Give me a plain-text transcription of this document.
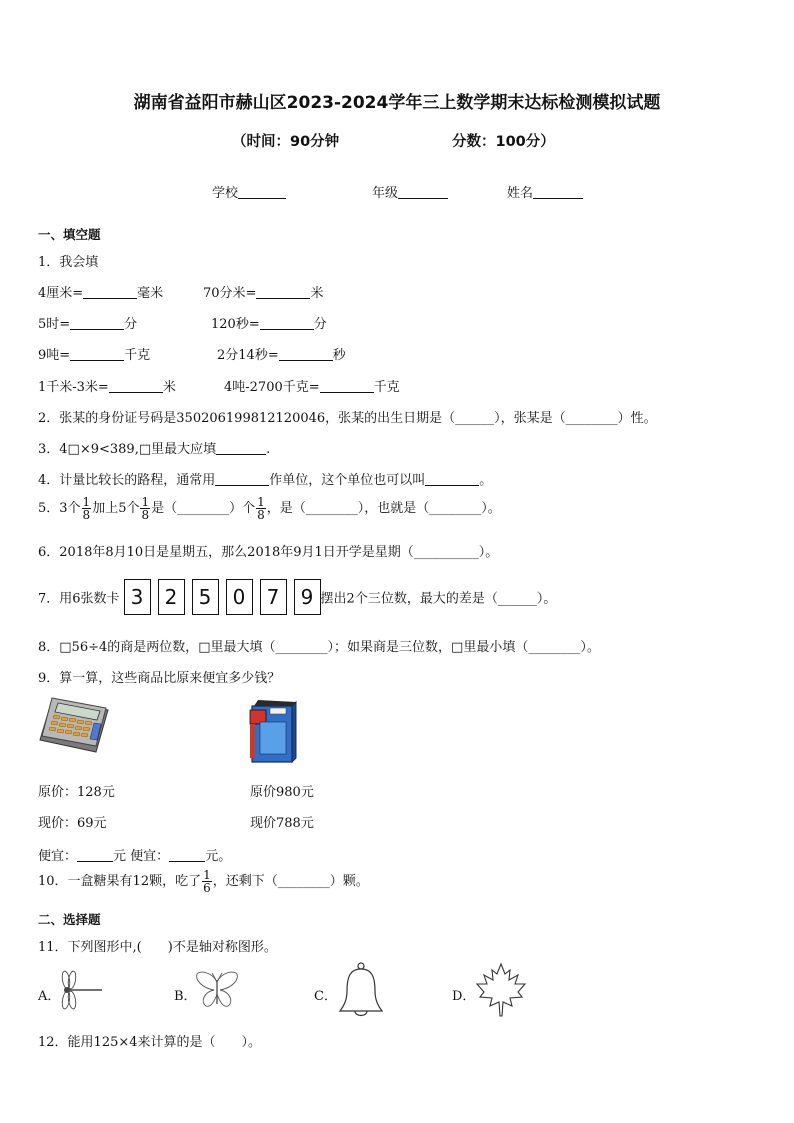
湖南省益阳市赫山区2023-2024学年三上数学期末达标检测模拟试题
（时间：90分钟	分数：100分）
学校	年级	姓名
一、填空题
1．我会填
4厘米=	毫米	70分米=	米
5时=	分	120秒=	分
9吨=	千克	2分14秒=	秒
1千米-3米=	米	4吨-2700千克=	千克
2．张某的身份证号码是350206199812120046，张某的出生日期是（______），张某是（________）性。
3．4□×9<389,□里最大应填	.
4．计量比较长的路程，通常用	作单位，这个单位也可以叫	。
5．3个 $\frac{1}{8}$ 加上5个 $\frac{1}{8}$ 是（________）个 $\frac{1}{8}$ ，是（________），也就是（________）。
6．2018年8月10日是星期五，那么2018年9月1日开学是星期（__________）。
7．用6张数卡 3 2 5 0 7 9 摆出2个三位数，最大的差是（______）。
8．□56÷4的商是两位数，□里最大填（________）；如果商是三位数，□里最小填（________）。
9．算一算，这些商品比原来便宜多少钱？
原价：128元	原价980元
现价：69元	现价788元
便宜：	元 便宜：	元。
10．一盒糖果有12颗，吃了 $\frac{1}{6}$ ，还剩下（________）颗。
二、选择题
11．下列图形中,(　　)不是轴对称图形。
A．	B．	C．	D．
12．能用125×4来计算的是（　　）。
